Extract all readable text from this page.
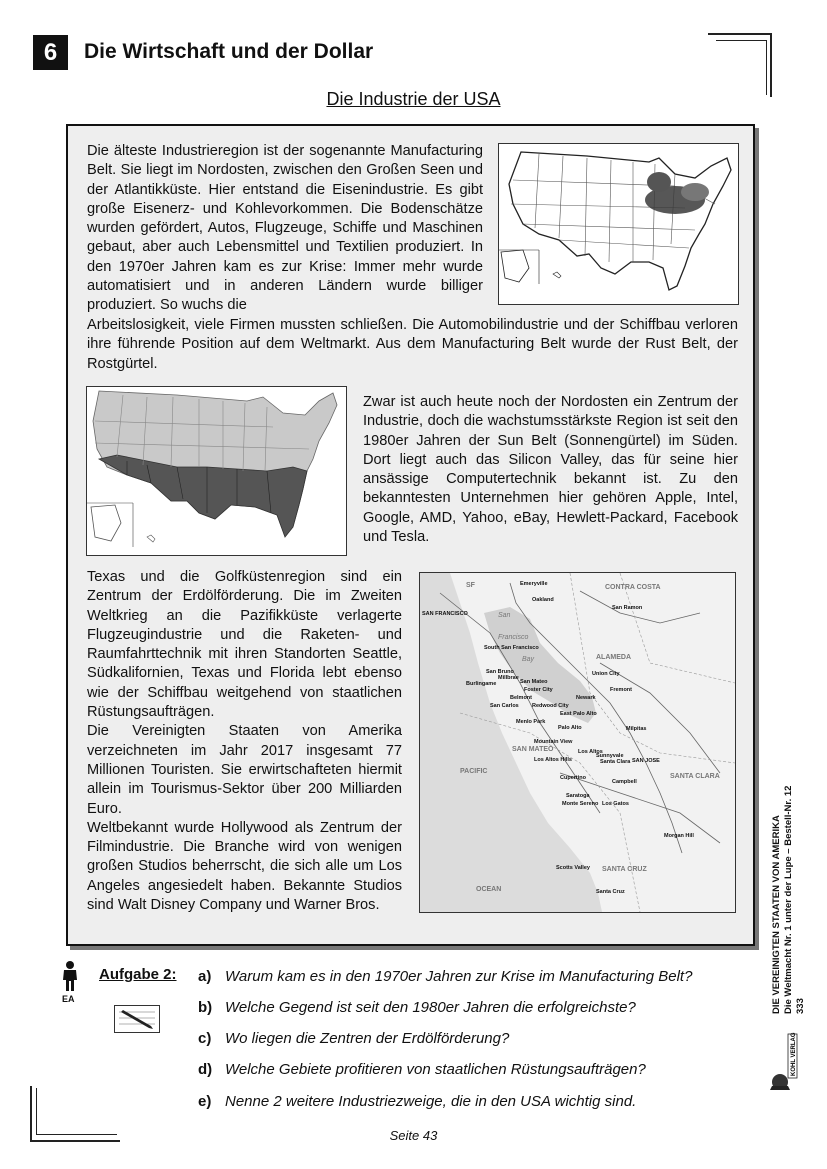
6	Die Wirtschaft und der Dollar
Die Industrie der USA

Die älteste Industrieregion ist der sogenannte Manufacturing Belt. Sie liegt im Nordosten, zwischen den Großen Seen und der Atlantikküste. Hier entstand die Eisenindustrie. Es gibt große Eisenerz- und Kohlevorkommen. Die Bodenschätze wurden gefördert, Autos, Flugzeuge, Schiffe und Maschinen gebaut, aber auch Lebensmittel und Textilien produziert. In den 1970er Jahren kam es zur Krise: Immer mehr wurde automatisiert und in anderen Ländern wurde billiger produziert. So wuchs die

Arbeitslosigkeit, viele Firmen mussten schließen. Die Automobilindustrie und der Schiffbau verloren ihre führende Position auf dem Weltmarkt. Aus dem Manufacturing Belt wurde der Rust Belt, der Rostgürtel.

Zwar ist auch heute noch der Nordosten ein Zentrum der Industrie, doch die wachstumsstärkste Region ist seit den 1980er Jahren der Sun Belt (Sonnengürtel) im Süden. Dort liegt auch das Silicon Valley, das für seine hier ansässige Computertechnik bekannt ist. Zu den bekanntesten Unternehmen hier gehören Apple, Intel, Google, AMD, Yahoo, eBay, Hewlett-Packard, Facebook und Tesla.

Texas und die Golfküstenregion sind ein Zentrum der Erdölförderung. Die im Zweiten Weltkrieg an die Pazifikküste verlagerte Flugzeugindustrie und die Raketen- und Raumfahrttechnik mit ihren Standorten Seattle, Südkalifornien, Texas und Florida lebt ebenso wie der Schiffbau weitgehend von staatlichen Rüstungsaufträgen.

Die Vereinigten Staaten von Amerika verzeichneten im Jahr 2017 insgesamt 77 Millionen Touristen. Sie erwirtschafteten hiermit allein im Tourismus-Sektor über 200 Milliarden Euro.

Weltbekannt wurde Hollywood als Zentrum der Filmindustrie. Die Branche wird von wenigen großen Studios beherrscht, die sich alle um Los Angeles angesiedelt haben. Bekannte Studios sind Walt Disney Company und Warner Bros.

CONTRA COSTA
ALAMEDA
SAN MATEO
SANTA CLARA
SANTA CRUZ
PACIFIC
OCEAN
SF
San
Francisco
Bay
Emeryville
Oakland
SAN FRANCISCO
San Ramon
South San Francisco
San Bruno
Millbrae
Burlingame	San Mateo
Foster City
Union City
Fremont
Belmont	Newark
San Carlos Redwood City
East Palo Alto
Menlo Park
Palo Alto	Milpitas
Mountain View
Sunnyvale
Los Altos
Los Altos Hills	Santa Clara SAN JOSE
Cupertino
Campbell
Saratoga
Monte Sereno Los Gatos
Morgan Hill
Scotts Valley
Santa Cruz
EA
Aufgabe 2: a) Warum kam es in den 1970er Jahren zur Krise im Manufacturing Belt?
b) Welche Gegend ist seit den 1980er Jahren die erfolgreichste?
c) Wo liegen die Zentren der Erdölförderung?
d) Welche Gebiete profitieren von staatlichen Rüstungsaufträgen?
e) Nenne 2 weitere Industriezweige, die in den USA wichtig sind.
DIE VEREINIGTEN STAATEN VON AMERIKA Die Weltmacht Nr. 1 unter der Lupe – Bestell-Nr. 12 333
KOHL VERLAG
Seite 43
